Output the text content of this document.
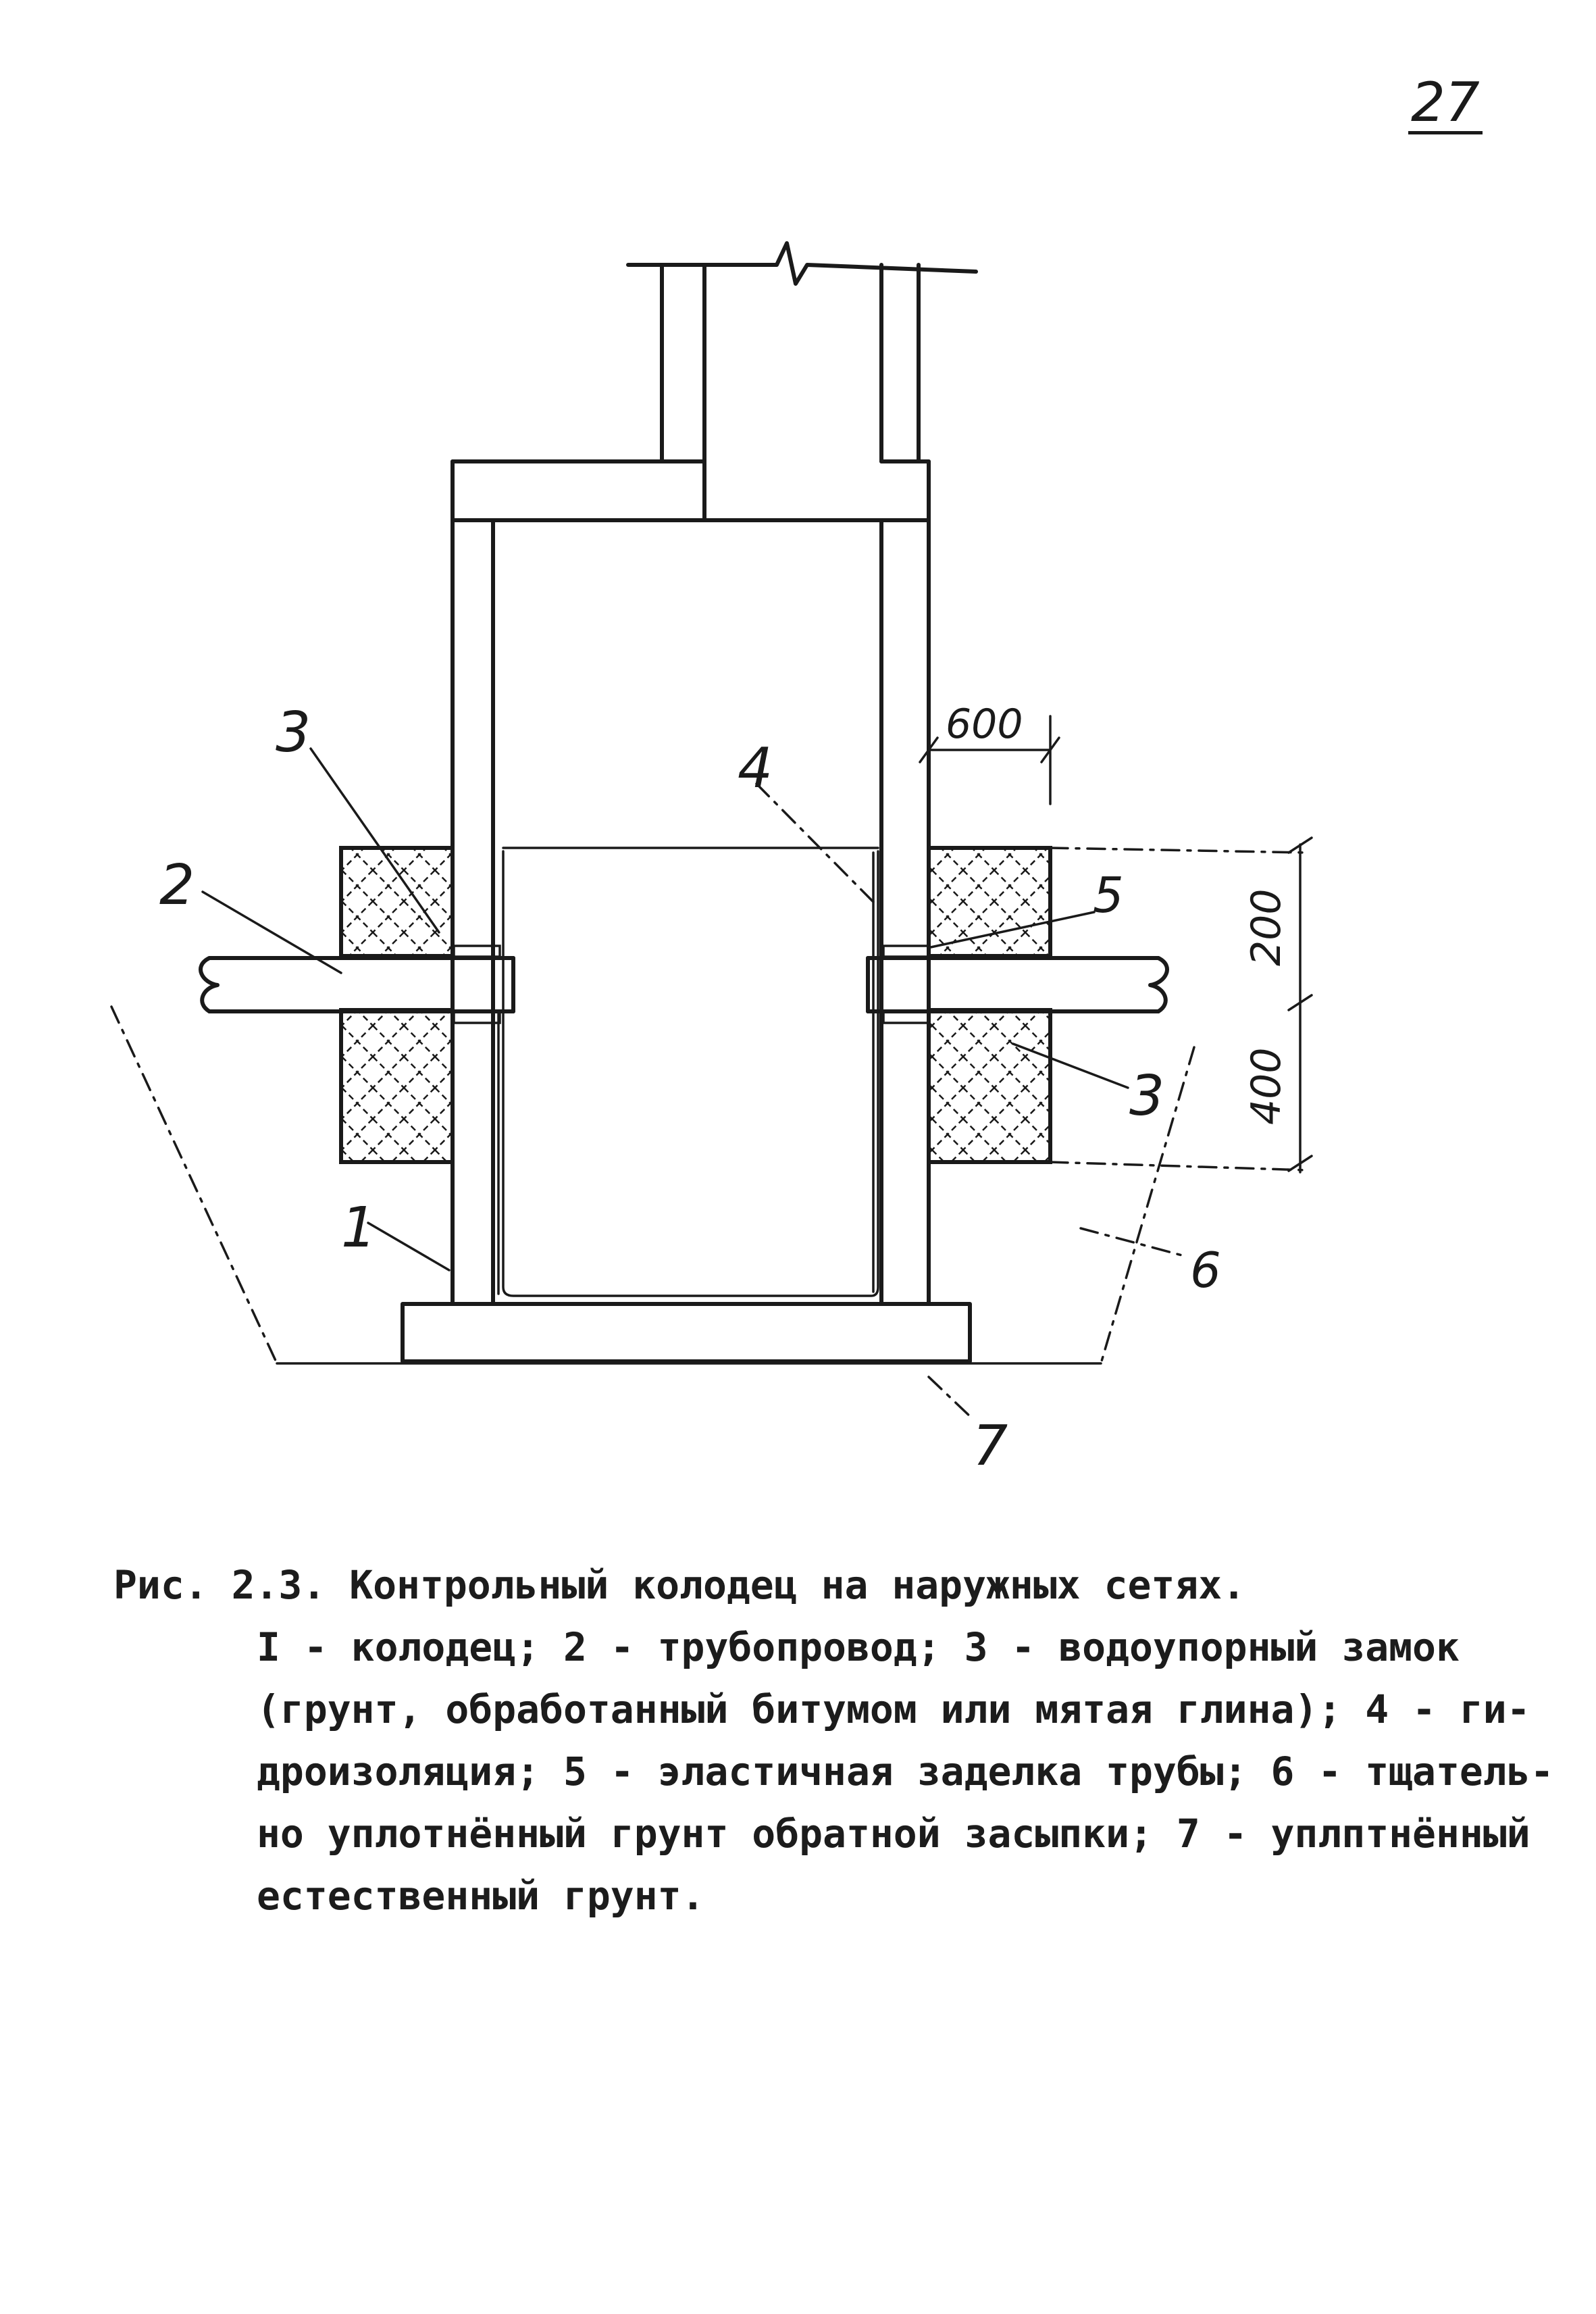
27
3
2
4
5
3
1
6
7
600
200
400
Рис. 2.3. Контрольный колодец на наружных сетях.
I - колодец; 2 - трубопровод; 3 - водоупорный замок
(грунт, обработанный битумом или мятая глина); 4 - ги-
дроизоляция; 5 - эластичная заделка трубы; 6 - тщатель-
но уплотнённый грунт обратной засыпки; 7 - уплптнённый
естественный грунт.
